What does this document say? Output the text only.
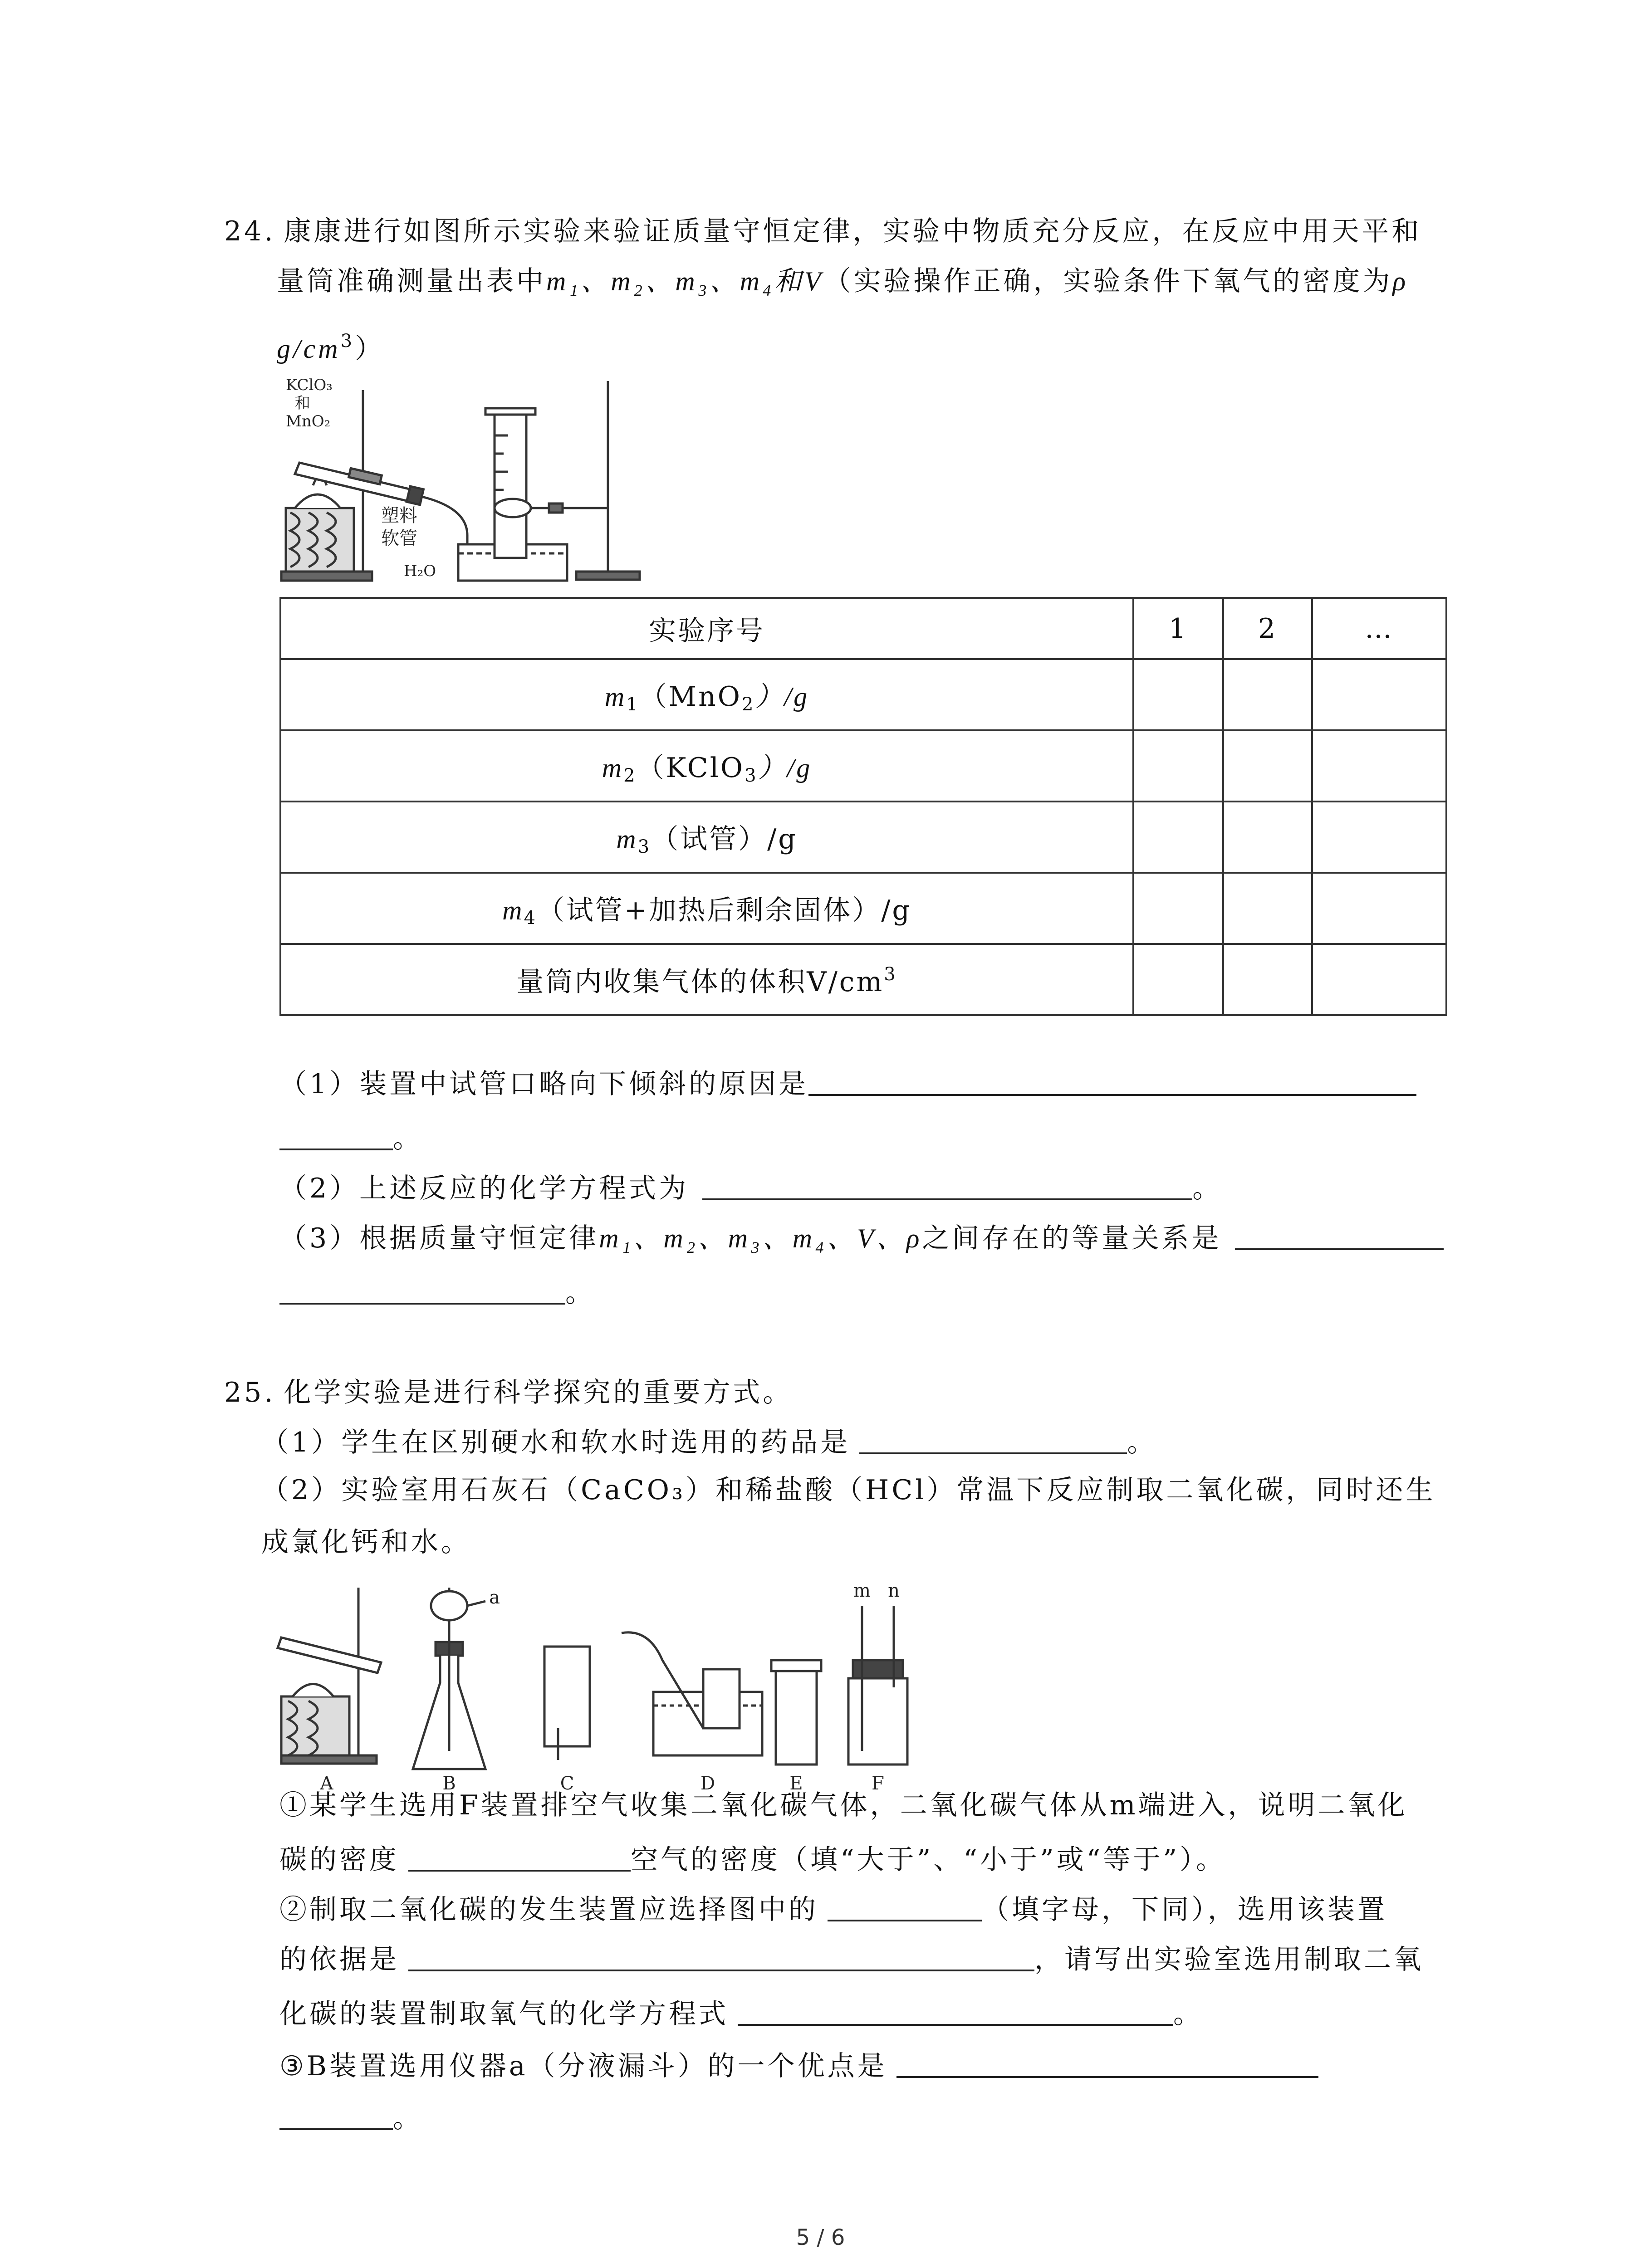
24. 康康进行如图所示实验来验证质量守恒定律，实验中物质充分反应，在反应中用天平和
量筒准确测量出表中m₁、m₂、m₃、m₄和V（实验操作正确，实验条件下氧气的密度为ρ
$g/cm^3$）
KClO₃
和
MnO₂
塑料
软管
H₂O
实验序号	1	2	…
$m_1(MnO_2)/g$			
$m_2(KClO_3)/g$			
$m_3$（试管）/g			
$m_4$（试管+加热后剩余固体）/g			
量筒内收集气体的体积$V/cm^3$			
（1）装置中试管口略向下倾斜的原因是
。
（2）上述反应的化学方程式为	。
（3）根据质量守恒定律m₁、m₂、m₃、m₄、V、ρ之间存在的等量关系是
。
25. 化学实验是进行科学探究的重要方式。
（1）学生在区别硬水和软水时选用的药品是	。
（2）实验室用石灰石（CaCO₃）和稀盐酸（HCl）常温下反应制取二氧化碳，同时还生
成氯化钙和水。
A	B	C	D	E	F
a	m n
①某学生选用F装置排空气收集二氧化碳气体，二氧化碳气体从m端进入，说明二氧化
碳的密度	空气的密度（填“大于”、“小于”或“等于”）。
②制取二氧化碳的发生装置应选择图中的	（填字母，下同），选用该装置
的依据是	，请写出实验室选用制取二氧
化碳的装置制取氧气的化学方程式	。
③B装置选用仪器a（分液漏斗）的一个优点是
。
5 / 6
